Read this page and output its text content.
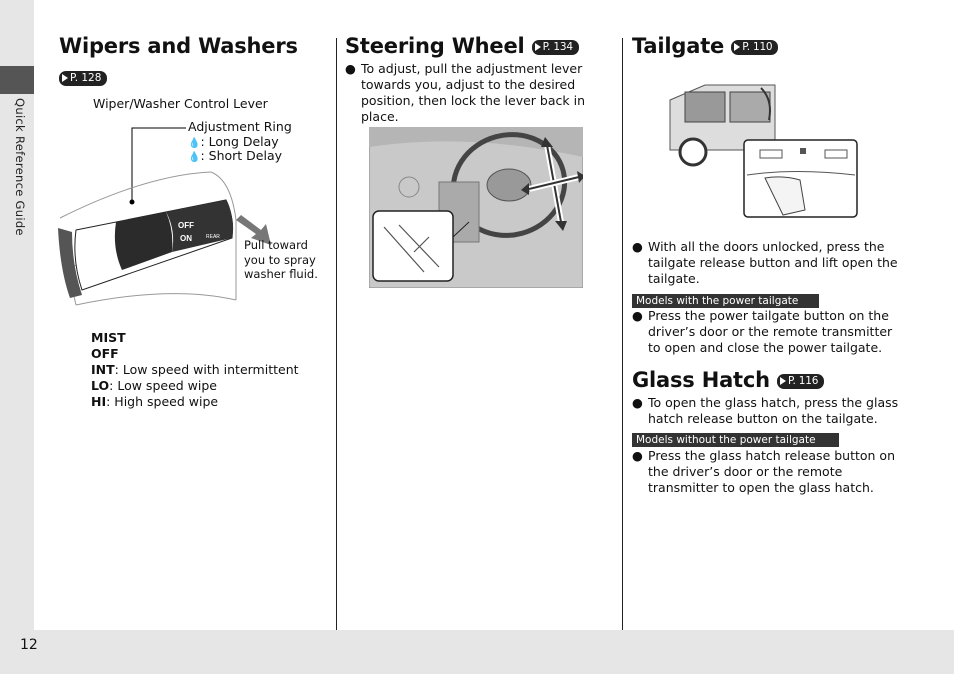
Quick Reference Guide
12
Wipers and Washers
P. 128
Wiper/Washer Control Lever
Adjustment Ring
💧: Long Delay
💧: Short Delay
OFF
ON	REAR
MIST
OFF
INT
LO
HI
Pull toward
you to spray
washer fluid.
MIST
OFF
INT: Low speed with intermittent
LO: Low speed wipe
HI: High speed wipe
Steering Wheel P. 134
● To adjust, pull the adjustment lever towards you, adjust to the desired position, then lock the lever back in place.
Tailgate P. 110
● With all the doors unlocked, press the tailgate release button and lift open the tailgate.
Models with the power tailgate
● Press the power tailgate button on the driver’s door or the remote transmitter to open and close the power tailgate.
Glass Hatch P. 116
● To open the glass hatch, press the glass hatch release button on the tailgate.
Models without the power tailgate
● Press the glass hatch release button on the driver’s door or the remote transmitter to open the glass hatch.
